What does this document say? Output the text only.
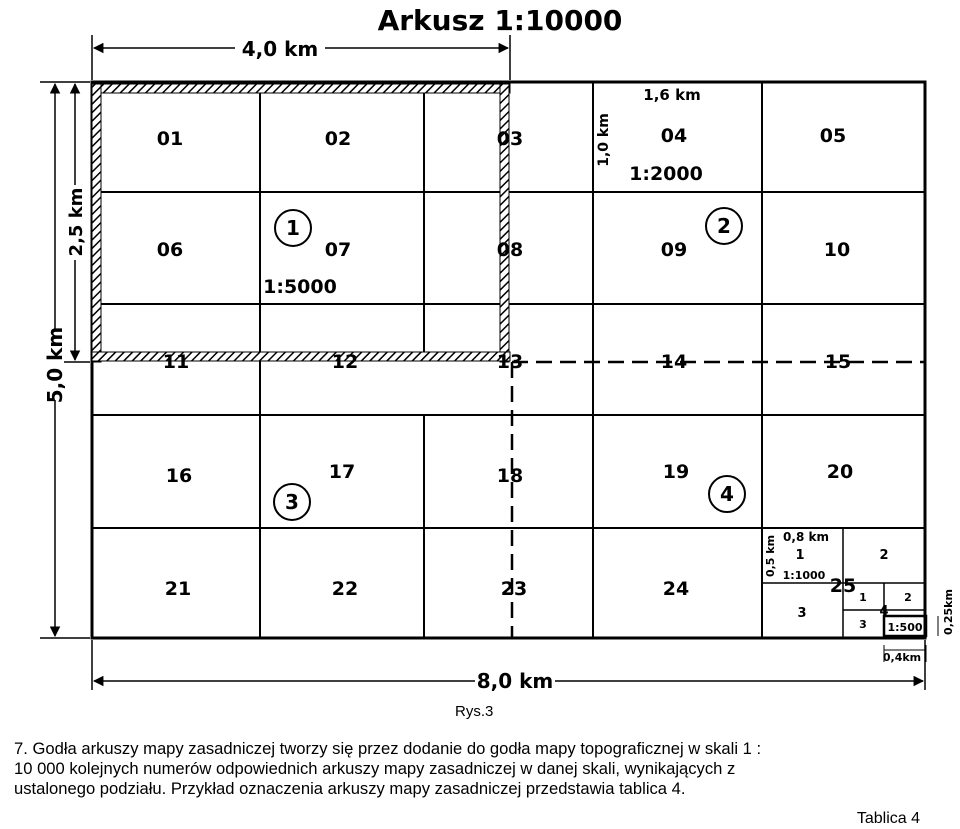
Arkusz 1:10000
4,0 km
8,0 km
5,0 km
2,5 km
1,0 km
1,6 km
1:2000
1:5000
0,8 km
0,5 km 1:1000
1:500 0,25km
0,4km
1	2
3	4
01	02	03	04	05
06	07	08	09	10
11	12	13	14	15
16	17	18	19	20
21	22	23	24	25
1	2
3	4
1	2
3
Rys.3

7. Godła arkuszy mapy zasadniczej tworzy się przez dodanie do godła mapy topograficznej w skali 1 :
10 000 kolejnych numerów odpowiednich arkuszy mapy zasadniczej w danej skali, wynikających z
ustalonego podziału. Przykład oznaczenia arkuszy mapy zasadniczej przedstawia tablica 4.

Tablica 4
